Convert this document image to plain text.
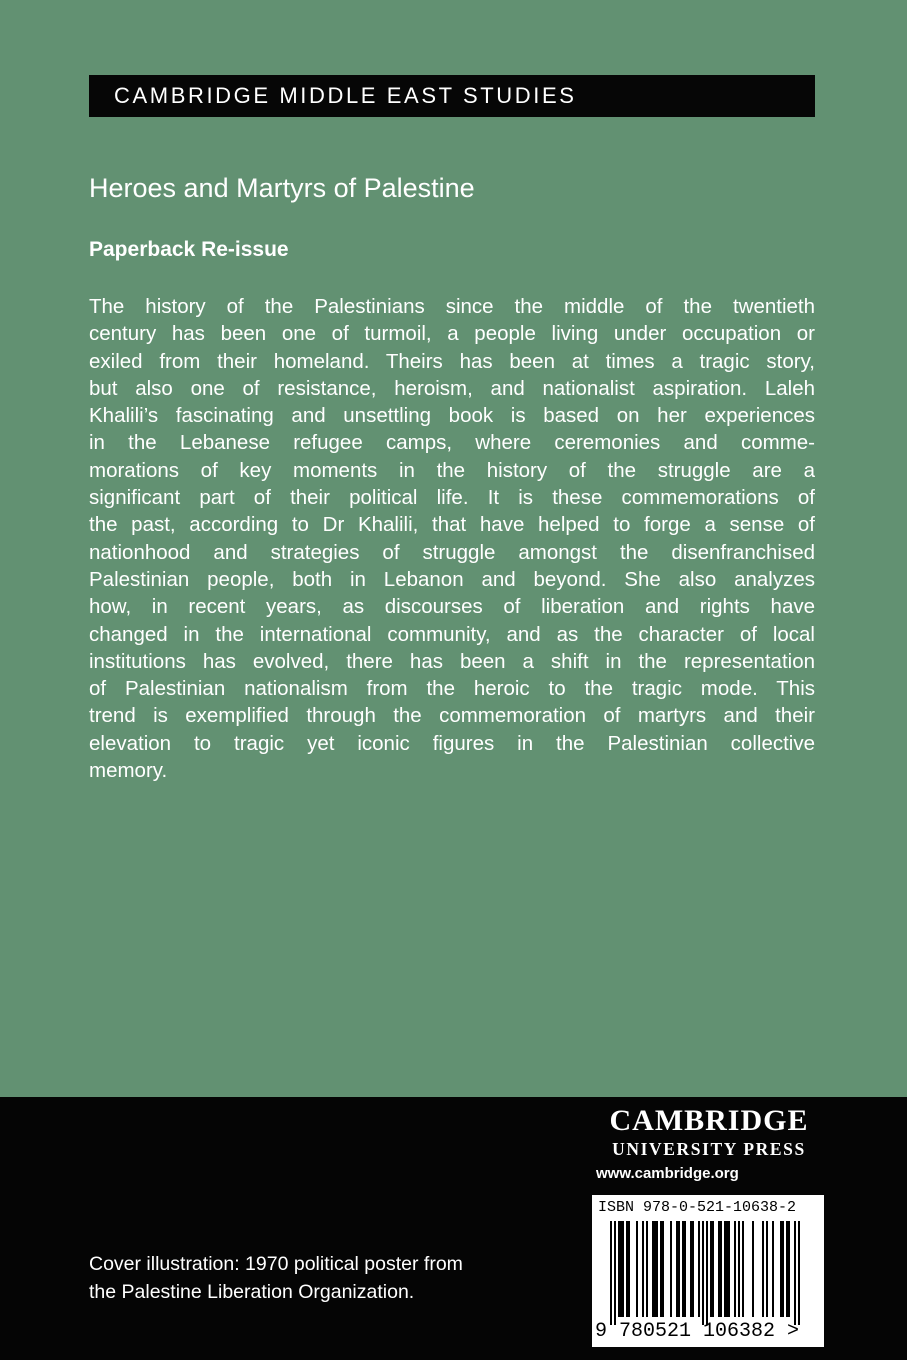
CAMBRIDGE MIDDLE EAST STUDIES
Heroes and Martyrs of Palestine
Paperback Re-issue
The history of the Palestinians since the middle of the twentieth
century has been one of turmoil, a people living under occupation or
exiled from their homeland. Theirs has been at times a tragic story,
but also one of resistance, heroism, and nationalist aspiration. Laleh
Khalili’s fascinating and unsettling book is based on her experiences
in the Lebanese refugee camps, where ceremonies and comme-
morations of key moments in the history of the struggle are a
significant part of their political life. It is these commemorations of
the past, according to Dr Khalili, that have helped to forge a sense of
nationhood and strategies of struggle amongst the disenfranchised
Palestinian people, both in Lebanon and beyond. She also analyzes
how, in recent years, as discourses of liberation and rights have
changed in the international community, and as the character of local
institutions has evolved, there has been a shift in the representation
of Palestinian nationalism from the heroic to the tragic mode. This
trend is exemplified through the commemoration of martyrs and their
elevation to tragic yet iconic figures in the Palestinian collective
memory.
Cover illustration: 1970 political poster from
the Palestine Liberation Organization.
CAMBRIDGE
UNIVERSITY PRESS
www.cambridge.org
ISBN 978-0-521-10638-2
9 780521 106382 >
